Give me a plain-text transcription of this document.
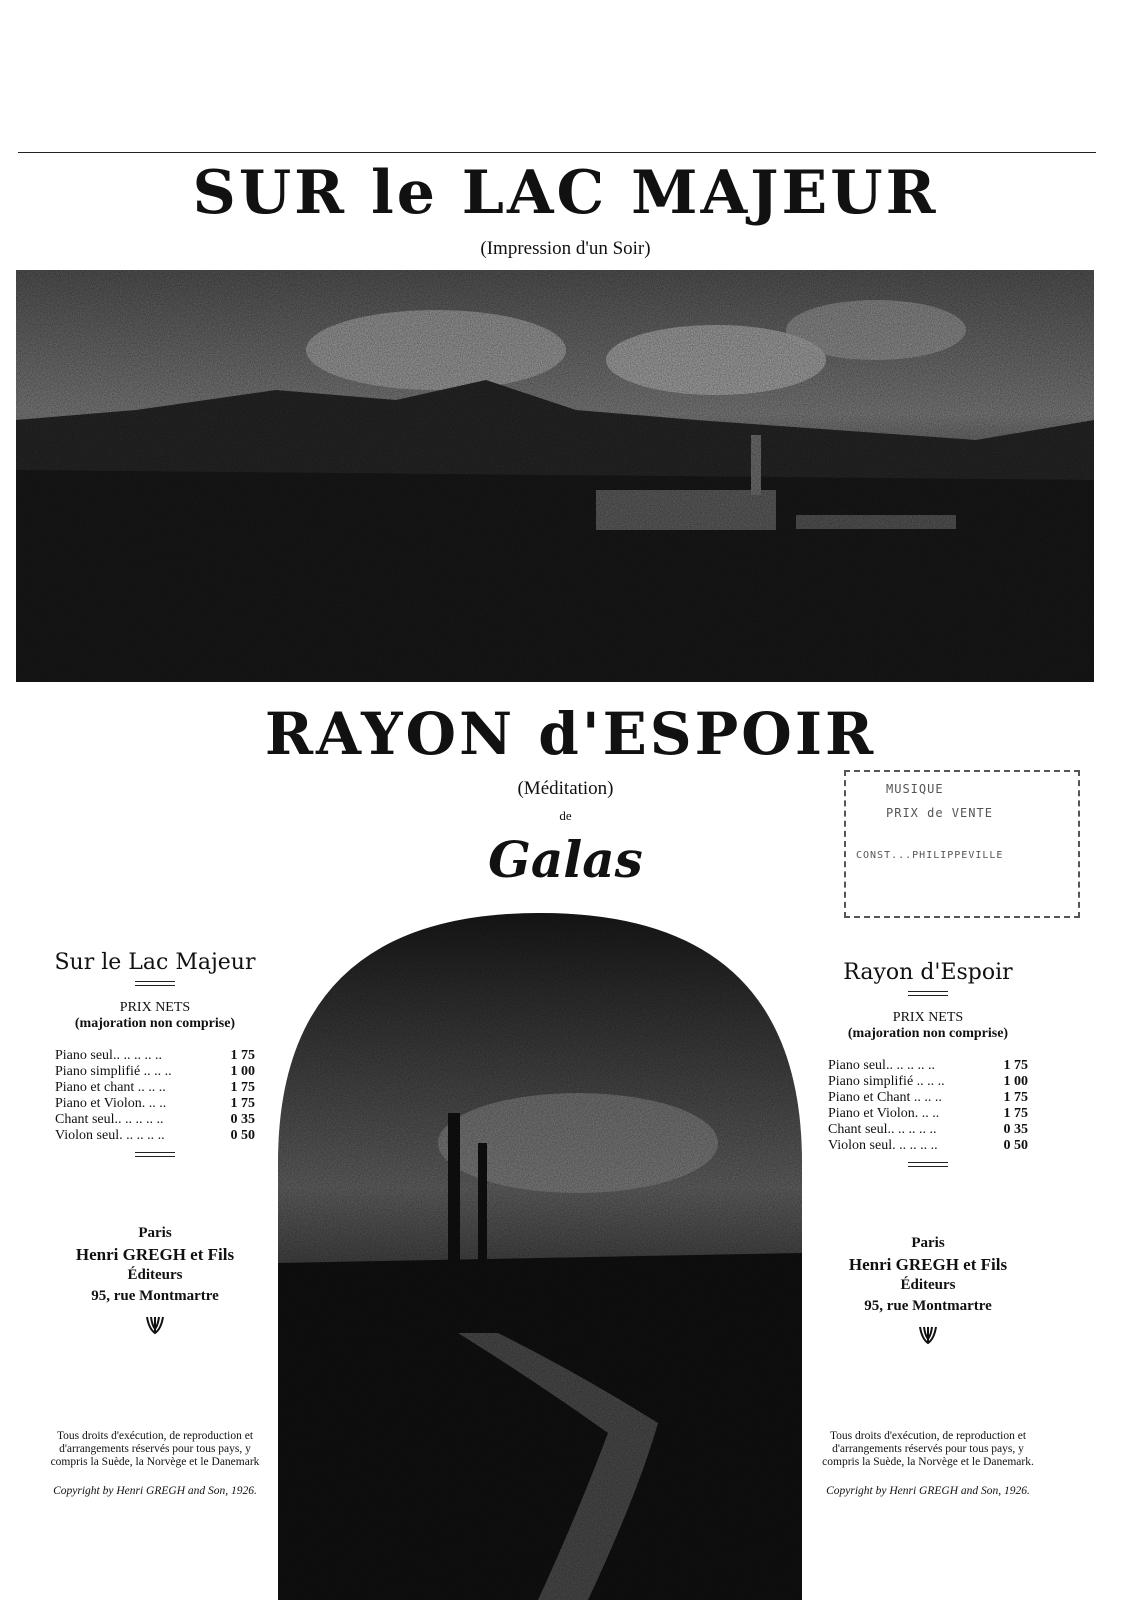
SUR le LAC MAJEUR
(Impression d'un Soir)
RAYON d'ESPOIR
(Méditation)
de
Galas
MUSIQUE
PRIX de VENTE
CONST...PHILIPPEVILLE
Sur le Lac Majeur
PRIX NETS
(majoration non comprise)
Piano seul.. .. .. .. ..	1 75
Piano simplifié .. .. ..	1 00
Piano et chant .. .. ..	1 75
Piano et Violon. .. ..	1 75
Chant seul.. .. .. .. ..	0 35
Violon seul. .. .. .. ..	0 50
Paris
Henri GREGH et Fils
Éditeurs
95, rue Montmartre
Tous droits d'exécution, de reproduction et d'arrangements réservés pour tous pays, y compris la Suède, la Norvège et le Danemark
Copyright by Henri GREGH and Son, 1926.
Rayon d'Espoir
PRIX NETS
(majoration non comprise)
Piano seul.. .. .. .. ..	1 75
Piano simplifié .. .. ..	1 00
Piano et Chant .. .. ..	1 75
Piano et Violon. .. ..	1 75
Chant seul.. .. .. .. ..	0 35
Violon seul. .. .. .. ..	0 50
Paris
Henri GREGH et Fils
Éditeurs
95, rue Montmartre
Tous droits d'exécution, de reproduction et d'arrangements réservés pour tous pays, y compris la Suède, la Norvège et le Danemark.
Copyright by Henri GREGH and Son, 1926.
